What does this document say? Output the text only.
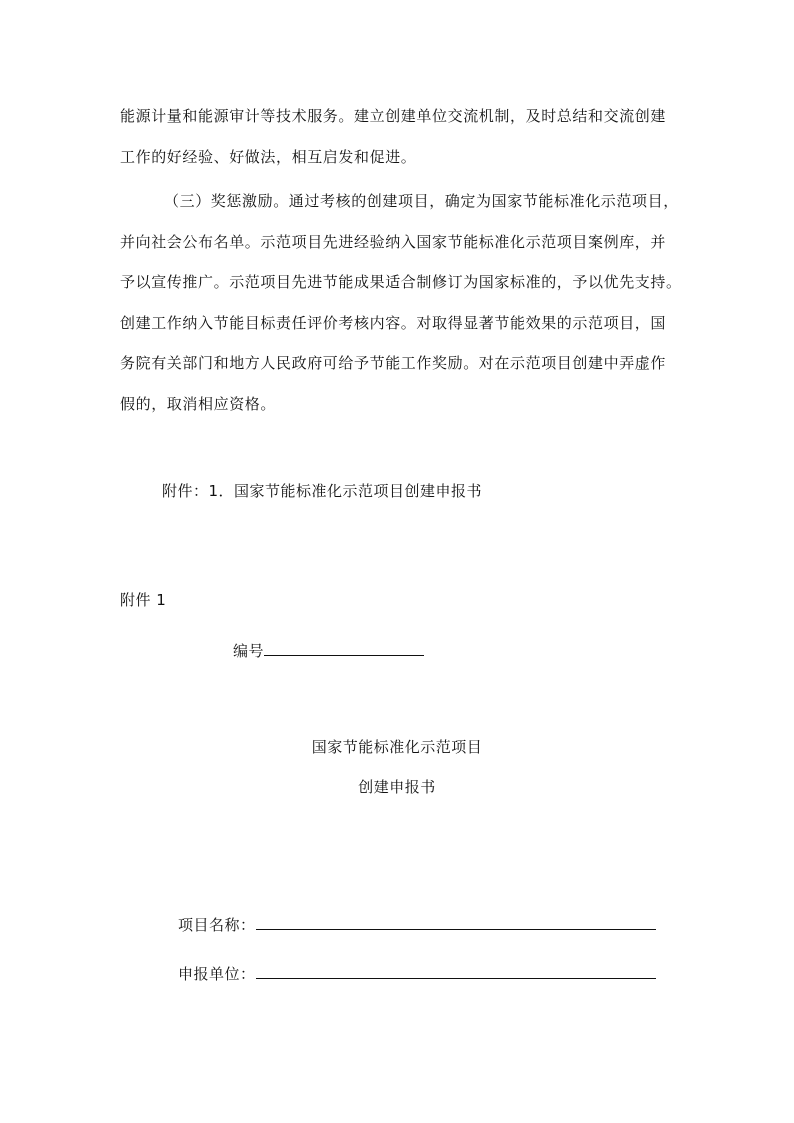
能源计量和能源审计等技术服务。建立创建单位交流机制，及时总结和交流创建
工作的好经验、好做法，相互启发和促进。

（三）奖惩激励。通过考核的创建项目，确定为国家节能标准化示范项目，
并向社会公布名单。示范项目先进经验纳入国家节能标准化示范项目案例库，并
予以宣传推广。示范项目先进节能成果适合制修订为国家标准的，予以优先支持。
创建工作纳入节能目标责任评价考核内容。对取得显著节能效果的示范项目，国
务院有关部门和地方人民政府可给予节能工作奖励。对在示范项目创建中弄虚作
假的，取消相应资格。

附件：1．国家节能标准化示范项目创建申报书

附件 1

编号

国家节能标准化示范项目

创建申报书

项目名称：
申报单位：
